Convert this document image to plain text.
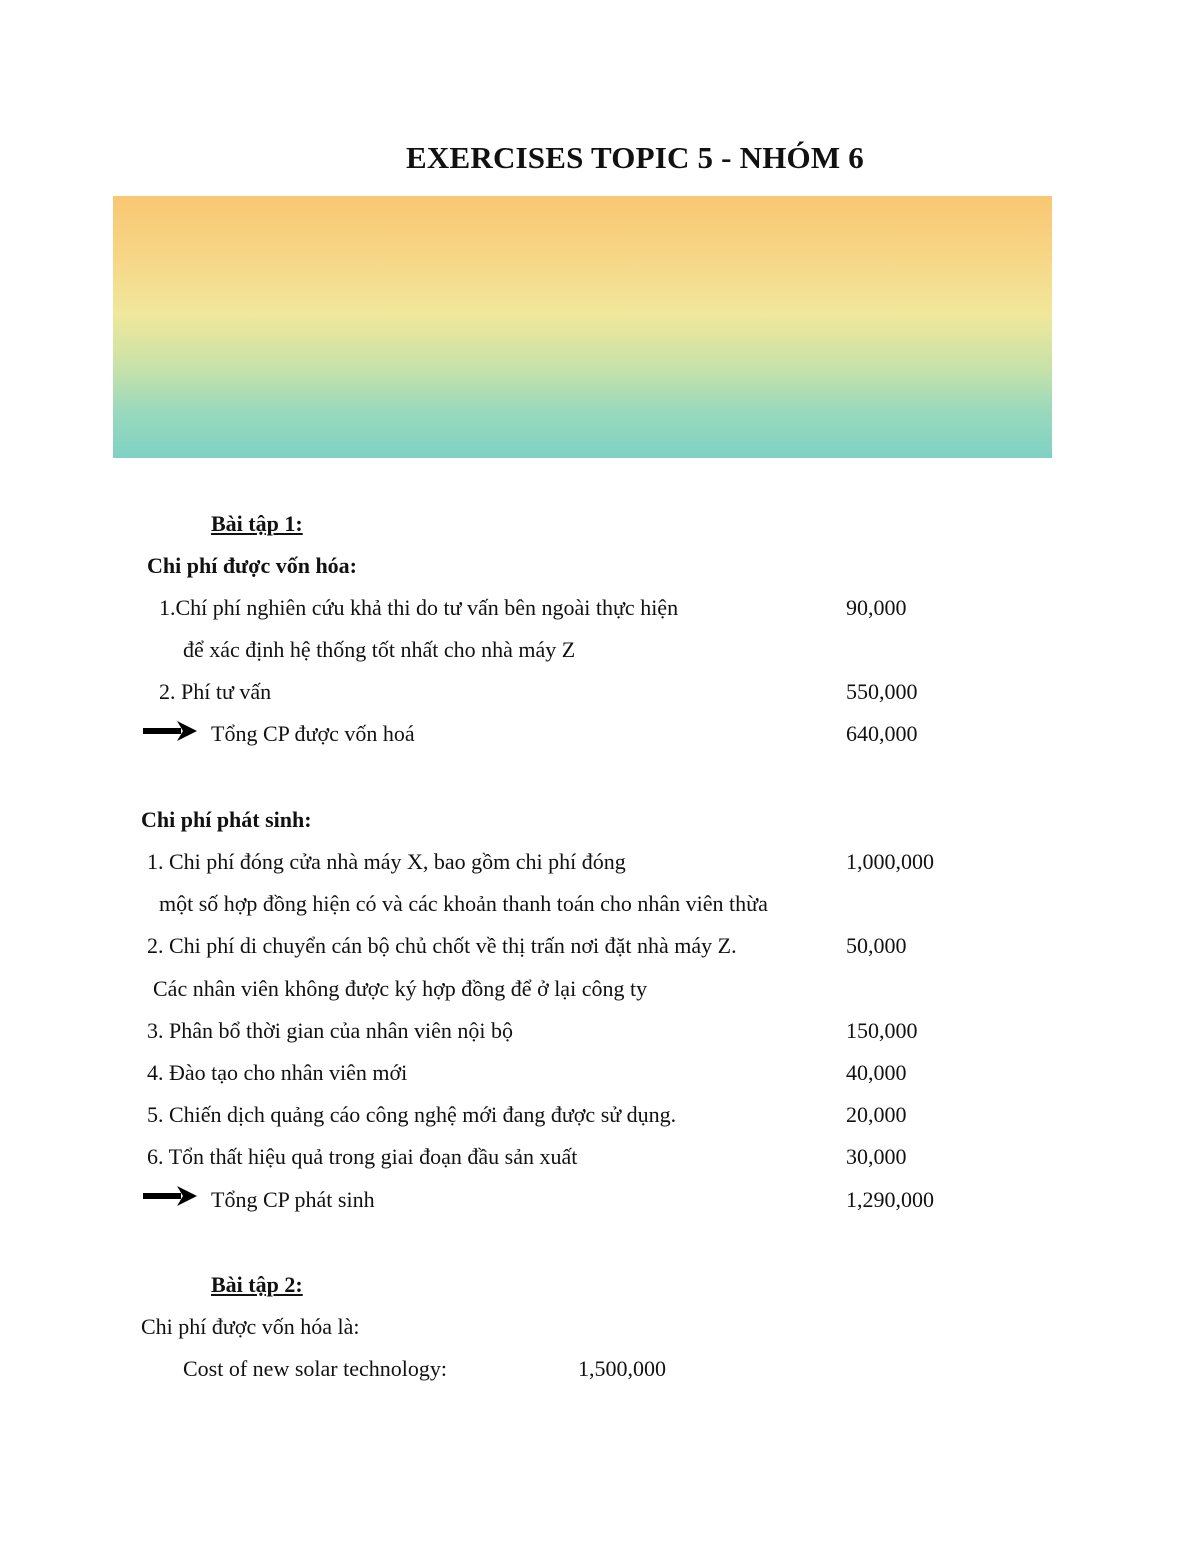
EXERCISES TOPIC 5 - NHÓM 6
Bài tập 1:
Chi phí được vốn hóa:
1.Chí phí nghiên cứu khả thi do tư vấn bên ngoài thực hiện	90,000
để xác định hệ thống tốt nhất cho nhà máy Z
2. Phí tư vấn	550,000
Tổng CP được vốn hoá	640,000
Chi phí phát sinh:
1. Chi phí đóng cửa nhà máy X, bao gồm chi phí đóng	1,000,000
một số hợp đồng hiện có và các khoản thanh toán cho nhân viên thừa
2. Chi phí di chuyển cán bộ chủ chốt về thị trấn nơi đặt nhà máy Z.	50,000
Các nhân viên không được ký hợp đồng để ở lại công ty
3. Phân bổ thời gian của nhân viên nội bộ	150,000
4. Đào tạo cho nhân viên mới	40,000
5. Chiến dịch quảng cáo công nghệ mới đang được sử dụng.	20,000
6. Tổn thất hiệu quả trong giai đoạn đầu sản xuất	30,000
Tổng CP phát sinh	1,290,000
Bài tập 2:
Chi phí được vốn hóa là:
Cost of new solar technology:	1,500,000
